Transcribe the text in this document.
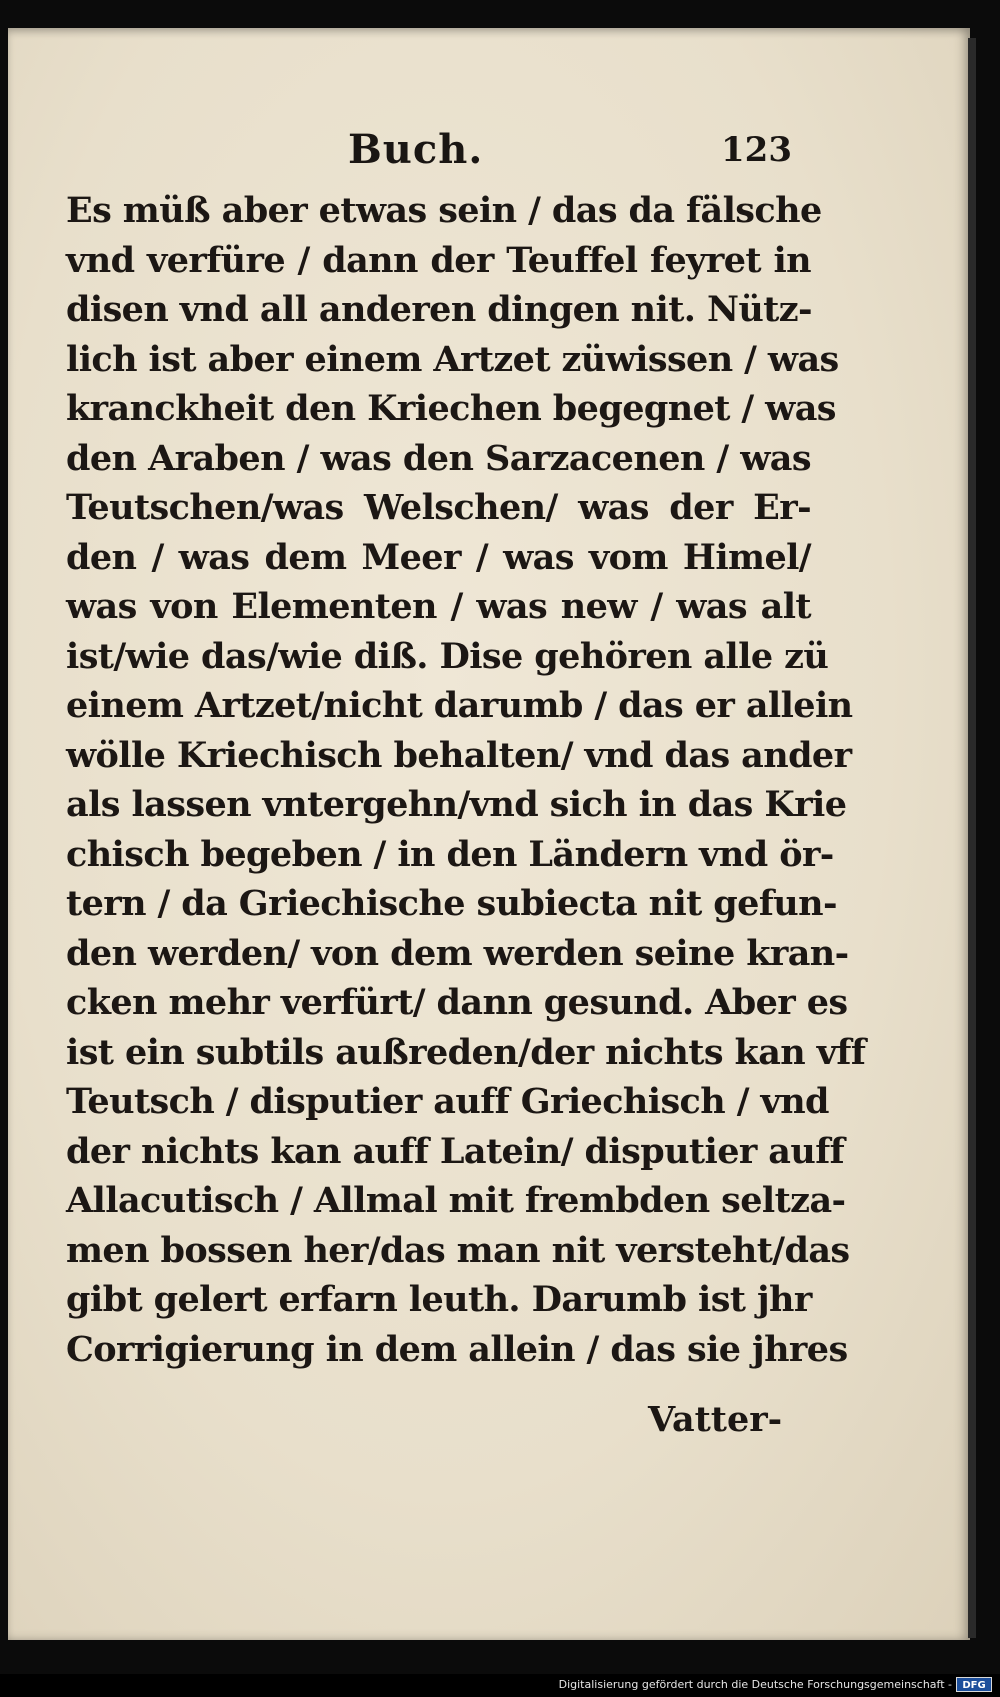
Buch.	123
Es müß aber etwas sein / das da fälsche
vnd verfüre / dann der Teuffel feyret in
disen vnd all anderen dingen nit. Nütz-
lich ist aber einem Artzet züwissen / was
kranckheit den Kriechen begegnet / was
den Araben / was den Sarzacenen / was
Teutschen/was Welschen/ was der Er-
den / was dem Meer / was vom Himel/
was von Elementen / was new / was alt
ist/wie das/wie diß. Dise gehören alle zü
einem Artzet/nicht darumb / das er allein
wölle Kriechisch behalten/ vnd das ander
als lassen vntergehn/vnd sich in das Krie
chisch begeben / in den Ländern vnd ör-
tern / da Griechische subiecta nit gefun-
den werden/ von dem werden seine kran-
cken mehr verfürt/ dann gesund. Aber es
ist ein subtils außreden/der nichts kan vff
Teutsch / disputier auff Griechisch / vnd
der nichts kan auff Latein/ disputier auff
Allacutisch / Allmal mit frembden seltza-
men bossen her/das man nit versteht/das
gibt gelert erfarn leuth. Darumb ist jhr
Corrigierung in dem allein / das sie jhres
Vatter-
Digitalisierung gefördert durch die Deutsche Forschungsgemeinschaft -	DFG
